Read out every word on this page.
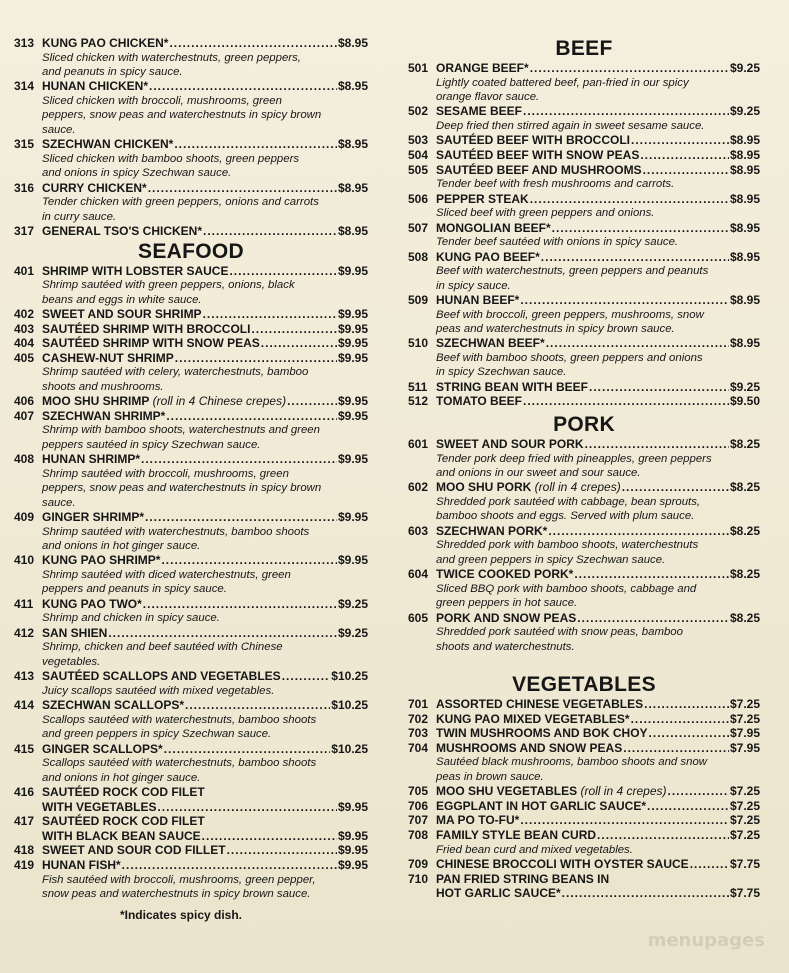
313 KUNG PAO CHICKEN* .....	$8.95
Sliced chicken with waterchestnuts, green peppers,
and peanuts in spicy sauce.
314 HUNAN CHICKEN* .....	$8.95
Sliced chicken with broccoli, mushrooms, green
peppers, snow peas and waterchestnuts in spicy brown
sauce.
315 SZECHWAN CHICKEN* .....	$8.95
Sliced chicken with bamboo shoots, green peppers
and onions in spicy Szechwan sauce.
316 CURRY CHICKEN* .....	$8.95
Tender chicken with green peppers, onions and carrots
in curry sauce.
317 GENERAL TSO'S CHICKEN* .....	$8.95
SEAFOOD
401 SHRIMP WITH LOBSTER SAUCE .....	$9.95
Shrimp sautéed with green peppers, onions, black
beans and eggs in white sauce.
402 SWEET AND SOUR SHRIMP .....	$9.95
403 SAUTÉED SHRIMP WITH BROCCOLI .....	$9.95
404 SAUTÉED SHRIMP WITH SNOW PEAS .....	$9.95
405 CASHEW-NUT SHRIMP .....	$9.95
Shrimp sautéed with celery, waterchestnuts, bamboo
shoots and mushrooms.
406 MOO SHU SHRIMP (roll in 4 Chinese crepes) .....	$9.95
407 SZECHWAN SHRIMP* .....	$9.95
Shrimp with bamboo shoots, waterchestnuts and green
peppers sautéed in spicy Szechwan sauce.
408 HUNAN SHRIMP* .....	$9.95
Shrimp sautéed with broccoli, mushrooms, green
peppers, snow peas and waterchestnuts in spicy brown
sauce.
409 GINGER SHRIMP* .....	$9.95
Shrimp sautéed with waterchestnuts, bamboo shoots
and onions in hot ginger sauce.
410 KUNG PAO SHRIMP* .....	$9.95
Shrimp sautéed with diced waterchestnuts, green
peppers and peanuts in spicy sauce.
411 KUNG PAO TWO* .....	$9.25
Shrimp and chicken in spicy sauce.
412 SAN SHIEN .....	$9.25
Shrimp, chicken and beef sautéed with Chinese
vegetables.
413 SAUTÉED SCALLOPS AND VEGETABLES .....	$10.25
Juicy scallops sautéed with mixed vegetables.
414 SZECHWAN SCALLOPS* .....	$10.25
Scallops sautéed with waterchestnuts, bamboo shoots
and green peppers in spicy Szechwan sauce.
415 GINGER SCALLOPS* .....	$10.25
Scallops sautéed with waterchestnuts, bamboo shoots
and onions in hot ginger sauce.
416 SAUTÉED ROCK COD FILET
WITH VEGETABLES .....	$9.95
417 SAUTÉED ROCK COD FILET
WITH BLACK BEAN SAUCE .....	$9.95
418 SWEET AND SOUR COD FILLET .....	$9.95
419 HUNAN FISH* .....	$9.95
Fish sautéed with broccoli, mushrooms, green pepper,
snow peas and waterchestnuts in spicy brown sauce.
*Indicates spicy dish.
BEEF
501 ORANGE BEEF* .....	$9.25
Lightly coated battered beef, pan-fried in our spicy
orange flavor sauce.
502 SESAME BEEF .....	$9.25
Deep fried then stirred again in sweet sesame sauce.
503 SAUTÉED BEEF WITH BROCCOLI .....	$8.95
504 SAUTÉED BEEF WITH SNOW PEAS .....	$8.95
505 SAUTÉED BEEF AND MUSHROOMS .....	$8.95
Tender beef with fresh mushrooms and carrots.
506 PEPPER STEAK .....	$8.95
Sliced beef with green peppers and onions.
507 MONGOLIAN BEEF* .....	$8.95
Tender beef sautéed with onions in spicy sauce.
508 KUNG PAO BEEF* .....	$8.95
Beef with waterchestnuts, green peppers and peanuts
in spicy sauce.
509 HUNAN BEEF* .....	$8.95
Beef with broccoli, green peppers, mushrooms, snow
peas and waterchestnuts in spicy brown sauce.
510 SZECHWAN BEEF* .....	$8.95
Beef with bamboo shoots, green peppers and onions
in spicy Szechwan sauce.
511 STRING BEAN WITH BEEF .....	$9.25
512 TOMATO BEEF .....	$9.50
PORK
601 SWEET AND SOUR PORK .....	$8.25
Tender pork deep fried with pineapples, green peppers
and onions in our sweet and sour sauce.
602 MOO SHU PORK (roll in 4 crepes) .....	$8.25
Shredded pork sautéed with cabbage, bean sprouts,
bamboo shoots and eggs. Served with plum sauce.
603 SZECHWAN PORK* .....	$8.25
Shredded pork with bamboo shoots, waterchestnuts
and green peppers in spicy Szechwan sauce.
604 TWICE COOKED PORK* .....	$8.25
Sliced BBQ pork with bamboo shoots, cabbage and
green peppers in hot sauce.
605 PORK AND SNOW PEAS .....	$8.25
Shredded pork sautéed with snow peas, bamboo
shoots and waterchestnuts.
VEGETABLES
701 ASSORTED CHINESE VEGETABLES .....	$7.25
702 KUNG PAO MIXED VEGETABLES* .....	$7.25
703 TWIN MUSHROOMS AND BOK CHOY .....	$7.95
704 MUSHROOMS AND SNOW PEAS .....	$7.95
Sautéed black mushrooms, bamboo shoots and snow
peas in brown sauce.
705 MOO SHU VEGETABLES (roll in 4 crepes) .....	$7.25
706 EGGPLANT IN HOT GARLIC SAUCE* .....	$7.25
707 MA PO TO-FU* .....	$7.25
708 FAMILY STYLE BEAN CURD .....	$7.25
Fried bean curd and mixed vegetables.
709 CHINESE BROCCOLI WITH OYSTER SAUCE .....	$7.75
710 PAN FRIED STRING BEANS IN
HOT GARLIC SAUCE* .....	$7.75
menupages
